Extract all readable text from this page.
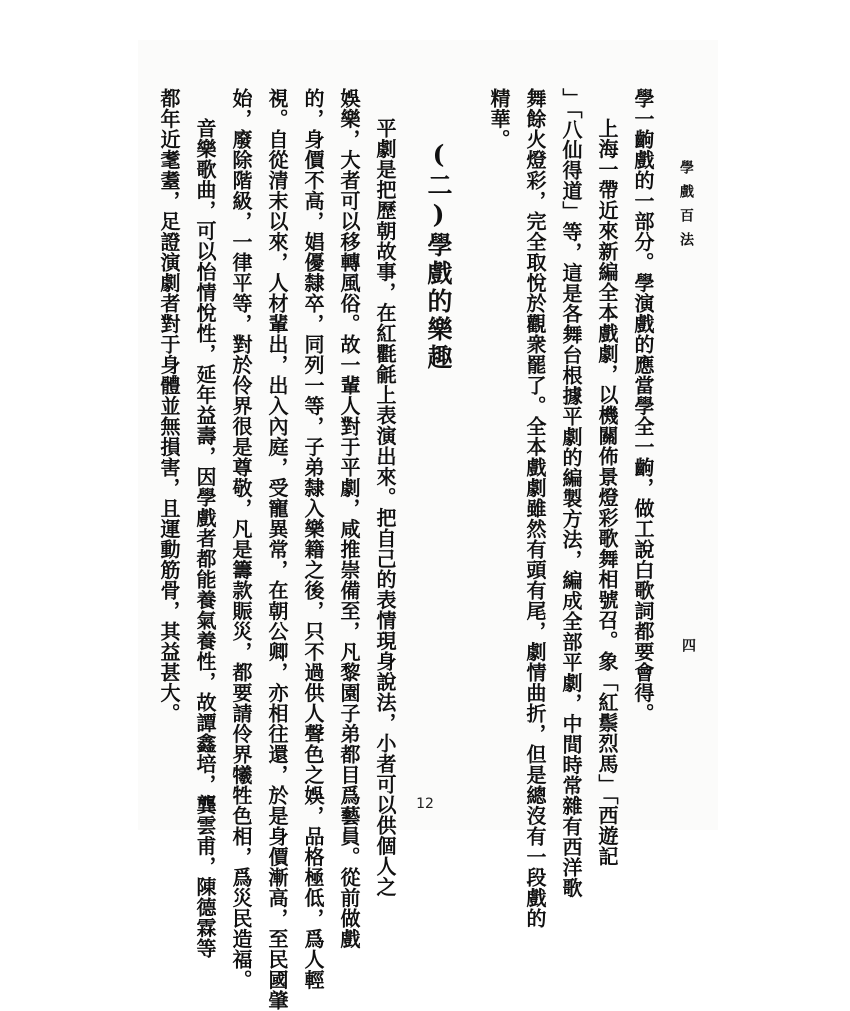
學戲百法
四
學一齣戲的一部分。學演戲的應當學全一齣，做工說白歌詞都要會得。
上海一帶近來新編全本戲劇，以機關佈景燈彩歌舞相號召。象「紅鬃烈馬」「西遊記
」「八仙得道」等，這是各舞台根據平劇的編製方法，編成全部平劇，中間時常雜有西洋歌
舞餘火燈彩，完全取悅於觀衆罷了。全本戲劇雖然有頭有尾，劇情曲折，但是總沒有一段戲的
精華。
(二)學戲的樂趣
平劇是把歷朝故事，在紅氍毹上表演出來。把自己的表情現身說法，小者可以供個人之
娛樂，大者可以移轉風俗。故一輩人對于平劇，咸推崇備至，凡黎園子弟都目爲藝員。從前做戲
的，身價不高，娼優隸卒，同列一等，子弟隸入樂籍之後，只不過供人聲色之娛，品格極低，爲人輕
視。自從清末以來，人材輩出，出入內庭，受寵異常，在朝公卿，亦相往還，於是身價漸高，至民國肇
始，廢除階級，一律平等，對於伶界很是尊敬，凡是籌款賑災，都要請伶界犧牲色相，爲災民造福。
音樂歌曲，可以怡情悅性，延年益壽，因學戲者都能養氣養性，故譚鑫培，龔雲甫，陳德霖等
都年近耄耋，足證演劇者對于身體並無損害，且運動筋骨，其益甚大。
12
